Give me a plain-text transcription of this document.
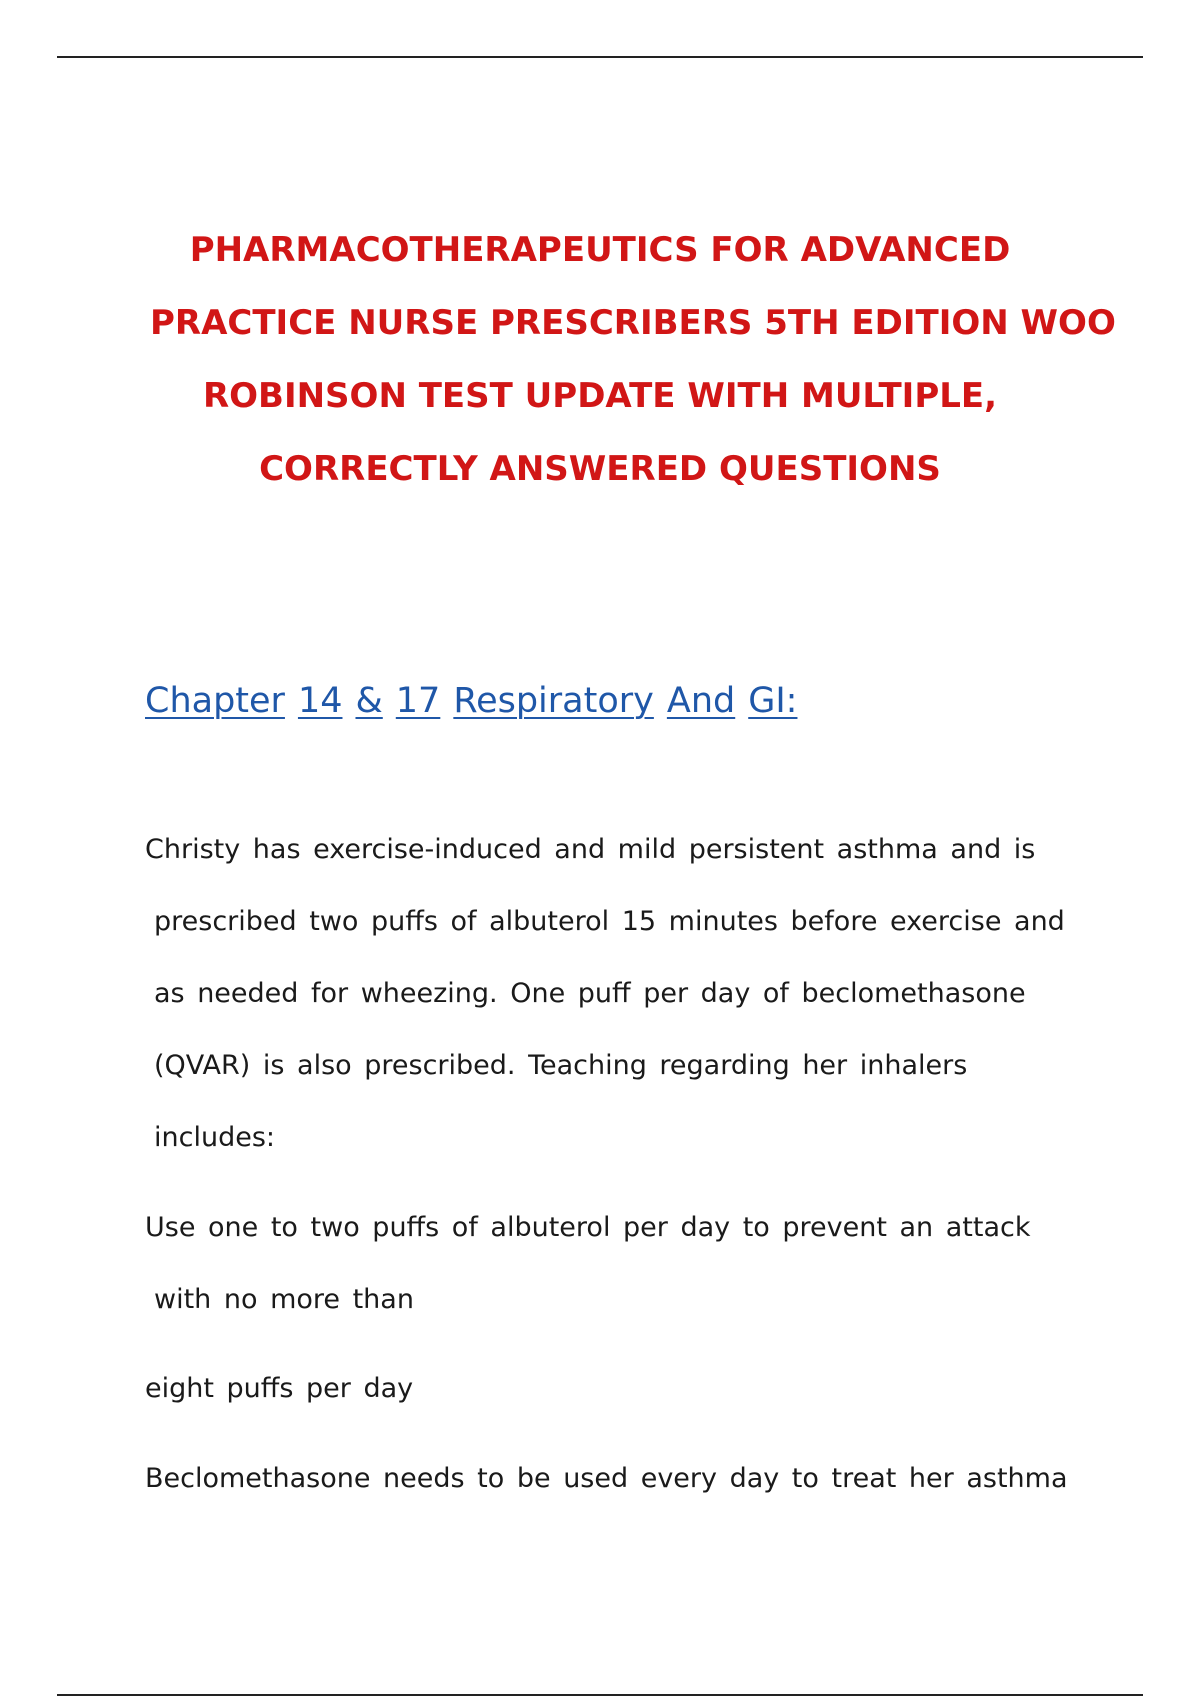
PHARMACOTHERAPEUTICS FOR ADVANCED
PRACTICE NURSE PRESCRIBERS 5TH EDITION WOO
ROBINSON TEST UPDATE WITH MULTIPLE,
CORRECTLY ANSWERED QUESTIONS
Chapter 14 & 17 Respiratory And GI:
Christy has exercise-induced and mild persistent asthma and is
prescribed two puffs of albuterol 15 minutes before exercise and
as needed for wheezing. One puff per day of beclomethasone
(QVAR) is also prescribed. Teaching regarding her inhalers
includes:
Use one to two puffs of albuterol per day to prevent an attack
with no more than
eight puffs per day
Beclomethasone needs to be used every day to treat her asthma
